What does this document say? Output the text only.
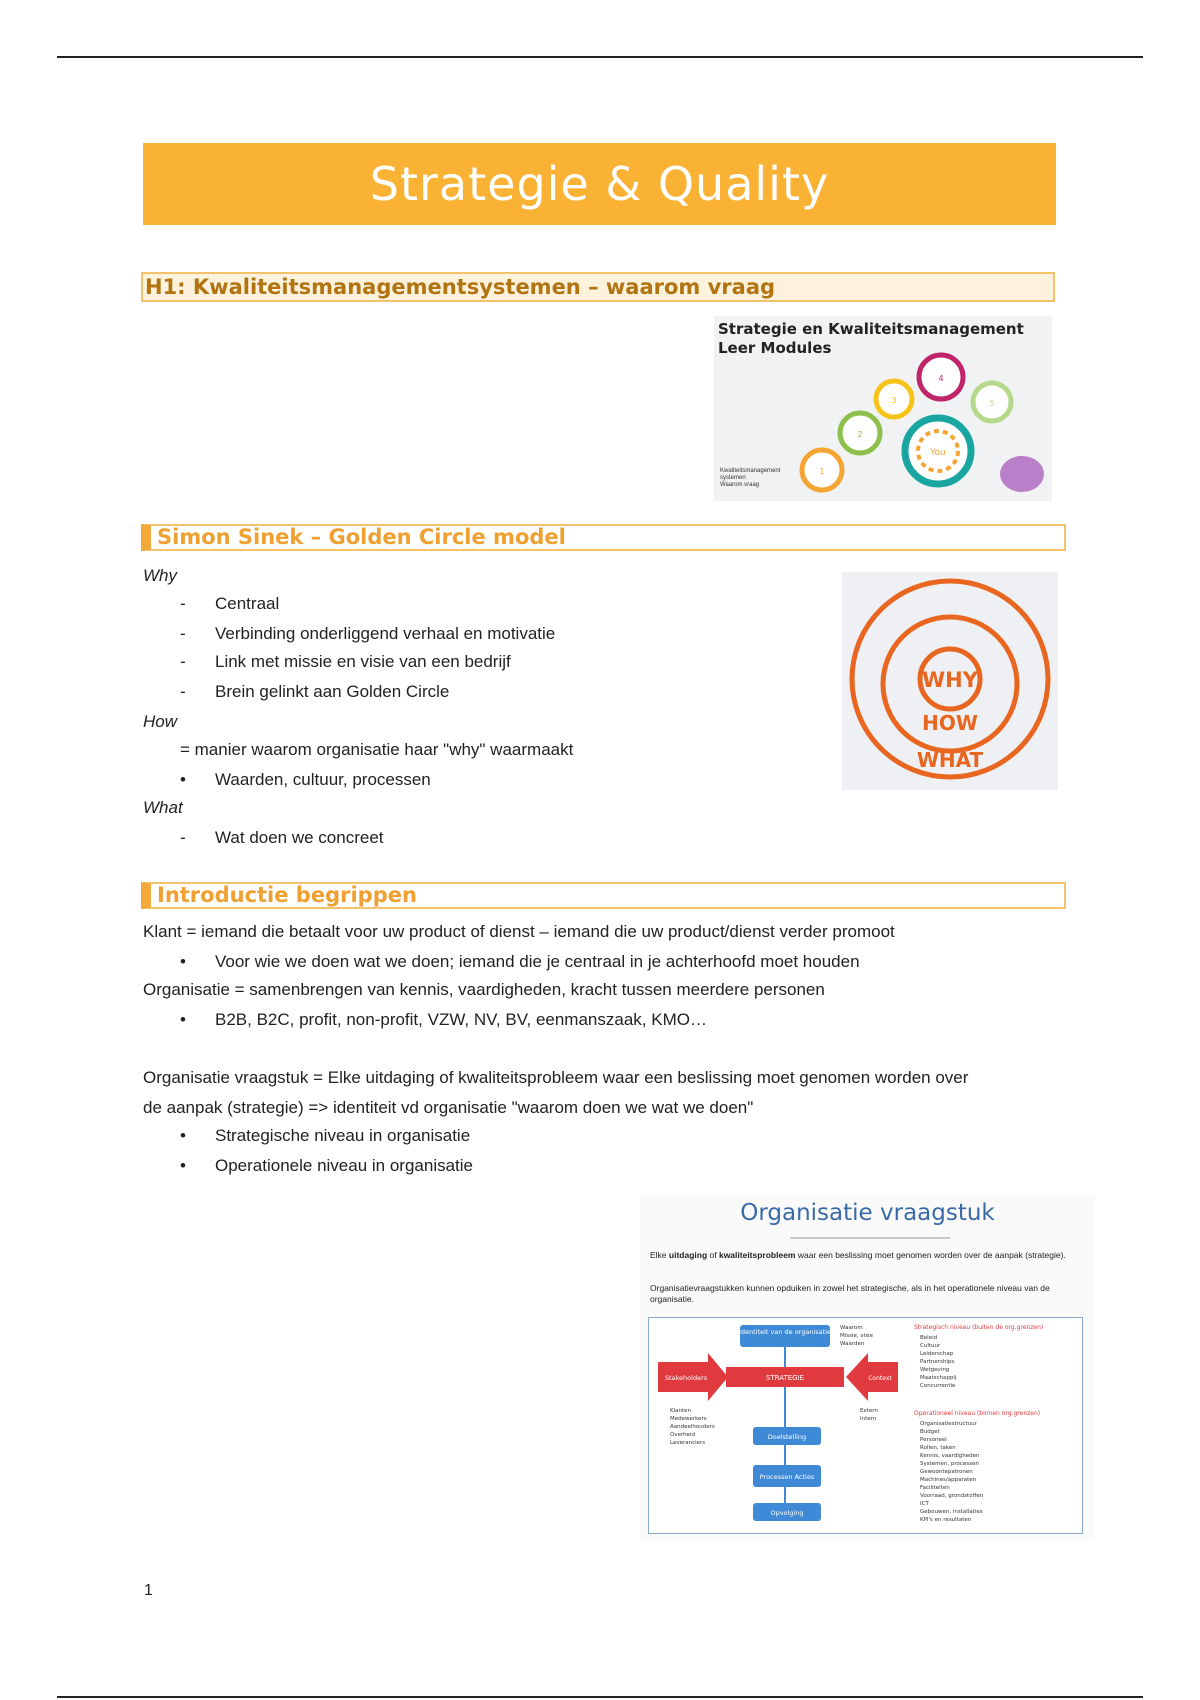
Strategie & Quality
H1: Kwaliteitsmanagementsystemen – waarom vraag
Strategie en Kwaliteitsmanagement
Leer Modules
1
2
3
4
5
You
Kwaliteitsmanagement
systemen
Waarom vraag
Simon Sinek – Golden Circle model
Why
- Centraal
- Verbinding onderliggend verhaal en motivatie
- Link met missie en visie van een bedrijf
- Brein gelinkt aan Golden Circle
How
= manier waarom organisatie haar "why" waarmaakt
• Waarden, cultuur, processen
What
- Wat doen we concreet
WHY
HOW
WHAT
Introductie begrippen
Klant = iemand die betaalt voor uw product of dienst – iemand die uw product/dienst verder promoot
• Voor wie we doen wat we doen; iemand die je centraal in je achterhoofd moet houden
Organisatie = samenbrengen van kennis, vaardigheden, kracht tussen meerdere personen
• B2B, B2C, profit, non-profit, VZW, NV, BV, eenmanszaak, KMO…
Organisatie vraagstuk = Elke uitdaging of kwaliteitsprobleem waar een beslissing moet genomen worden over
de aanpak (strategie) => identiteit vd organisatie "waarom doen we wat we doen"
• Strategische niveau in organisatie
• Operationele niveau in organisatie
Organisatie vraagstuk
Elke uitdaging of kwaliteitsprobleem waar een beslissing moet genomen worden over de aanpak (strategie).
Organisatievraagstukken kunnen opduiken in zowel het strategische, als in het operationele niveau van de organisatie.
Identiteit van de organisatie
Stakeholders	STRATEGIE	Context
Doelstelling
Processen Acties
Opvolging
Waarom
Missie, visie
Waarden
Klanten
Medewerkers
Aandeelhouders
Overheid
Leveranciers
Extern
Intern
Strategisch niveau (buiten de org.grenzen)
Beleid
Cultuur
Leiderschap
Partnerships
Wetgeving
Maatschappij
Concurrentie
Operationeel niveau (binnen org.grenzen)
Organisatiestructuur
Budget
Personeel
Rollen, taken
Kennis, vaardigheden
Systemen, processen
Gewoontepatronen
Machines/apparaten
Faciliteiten
Voorraad, grondstoffen
ICT
Gebouwen, installaties
KPI's en resultaten
1
